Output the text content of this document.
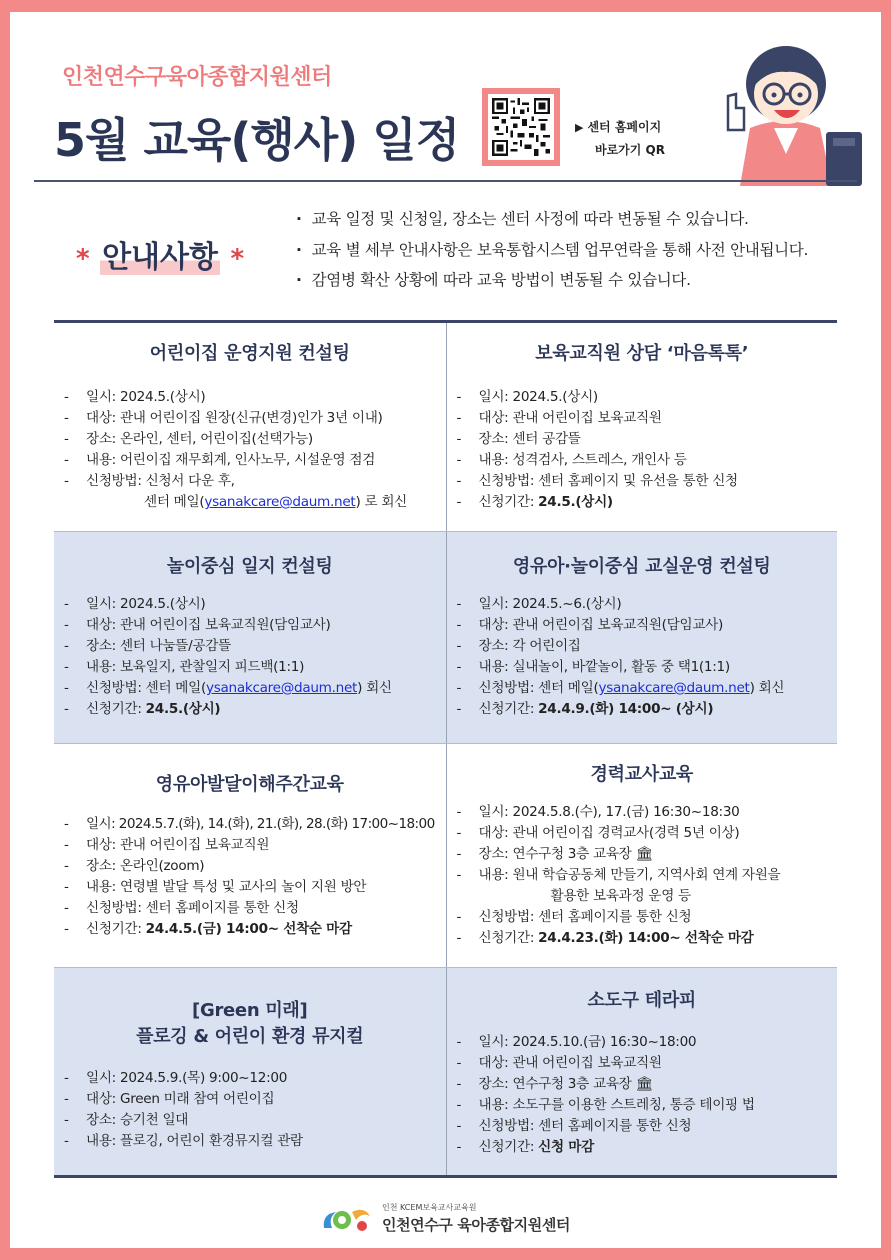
인천연수구육아종합지원센터
5월 교육(행사) 일정	▶ 센터 홈페이지
바로가기 QR
* 안내사항 *
· 교육 일정 및 신청일, 장소는 센터 사정에 따라 변동될 수 있습니다.
· 교육 별 세부 안내사항은 보육통합시스템 업무연락을 통해 사전 안내됩니다.
· 감염병 확산 상황에 따라 교육 방법이 변동될 수 있습니다.
어린이집 운영지원 컨설팅
- 일시: 2024.5.(상시)
- 대상: 관내 어린이집 원장(신규(변경)인가 3년 이내)
- 장소: 온라인, 센터, 어린이집(선택가능)
- 내용: 어린이집 재무회계, 인사노무, 시설운영 점검
- 신청방법: 신청서 다운 후,
센터 메일(ysanakcare@daum.net) 로 회신
보육교직원 상담 ‘마음톡톡’
- 일시: 2024.5.(상시)
- 대상: 관내 어린이집 보육교직원
- 장소: 센터 공감뜰
- 내용: 성격검사, 스트레스, 개인사 등
- 신청방법: 센터 홈페이지 및 유선을 통한 신청
- 신청기간: 24.5.(상시)
놀이중심 일지 컨설팅
- 일시: 2024.5.(상시)
- 대상: 관내 어린이집 보육교직원(담임교사)
- 장소: 센터 나눔뜰/공감뜰
- 내용: 보육일지, 관찰일지 피드백(1:1)
- 신청방법: 센터 메일(ysanakcare@daum.net) 회신
- 신청기간: 24.5.(상시)
영유아·놀이중심 교실운영 컨설팅
- 일시: 2024.5.~6.(상시)
- 대상: 관내 어린이집 보육교직원(담임교사)
- 장소: 각 어린이집
- 내용: 실내놀이, 바깥놀이, 활동 중 택1(1:1)
- 신청방법: 센터 메일(ysanakcare@daum.net) 회신
- 신청기간: 24.4.9.(화) 14:00~ (상시)
영유아발달이해주간교육
- 일시: 2024.5.7.(화), 14.(화), 21.(화), 28.(화) 17:00~18:00
- 대상: 관내 어린이집 보육교직원
- 장소: 온라인(zoom)
- 내용: 연령별 발달 특성 및 교사의 놀이 지원 방안
- 신청방법: 센터 홈페이지를 통한 신청
- 신청기간: 24.4.5.(금) 14:00~ 선착순 마감
경력교사교육
- 일시: 2024.5.8.(수), 17.(금) 16:30~18:30
- 대상: 관내 어린이집 경력교사(경력 5년 이상)
- 장소: 연수구청 3층 교육장 🏛
- 내용: 원내 학습공동체 만들기, 지역사회 연계 자원을
활용한 보육과정 운영 등
- 신청방법: 센터 홈페이지를 통한 신청
- 신청기간: 24.4.23.(화) 14:00~ 선착순 마감
[Green 미래]
플로깅 & 어린이 환경 뮤지컬
- 일시: 2024.5.9.(목) 9:00~12:00
- 대상: Green 미래 참여 어린이집
- 장소: 승기천 일대
- 내용: 플로깅, 어린이 환경뮤지컬 관람
소도구 테라피
- 일시: 2024.5.10.(금) 16:30~18:00
- 대상: 관내 어린이집 보육교직원
- 장소: 연수구청 3층 교육장 🏛
- 내용: 소도구를 이용한 스트레칭, 통증 테이핑 법
- 신청방법: 센터 홈페이지를 통한 신청
- 신청기간: 신청 마감
인천 KCEM보육교사교육원
인천연수구 육아종합지원센터
